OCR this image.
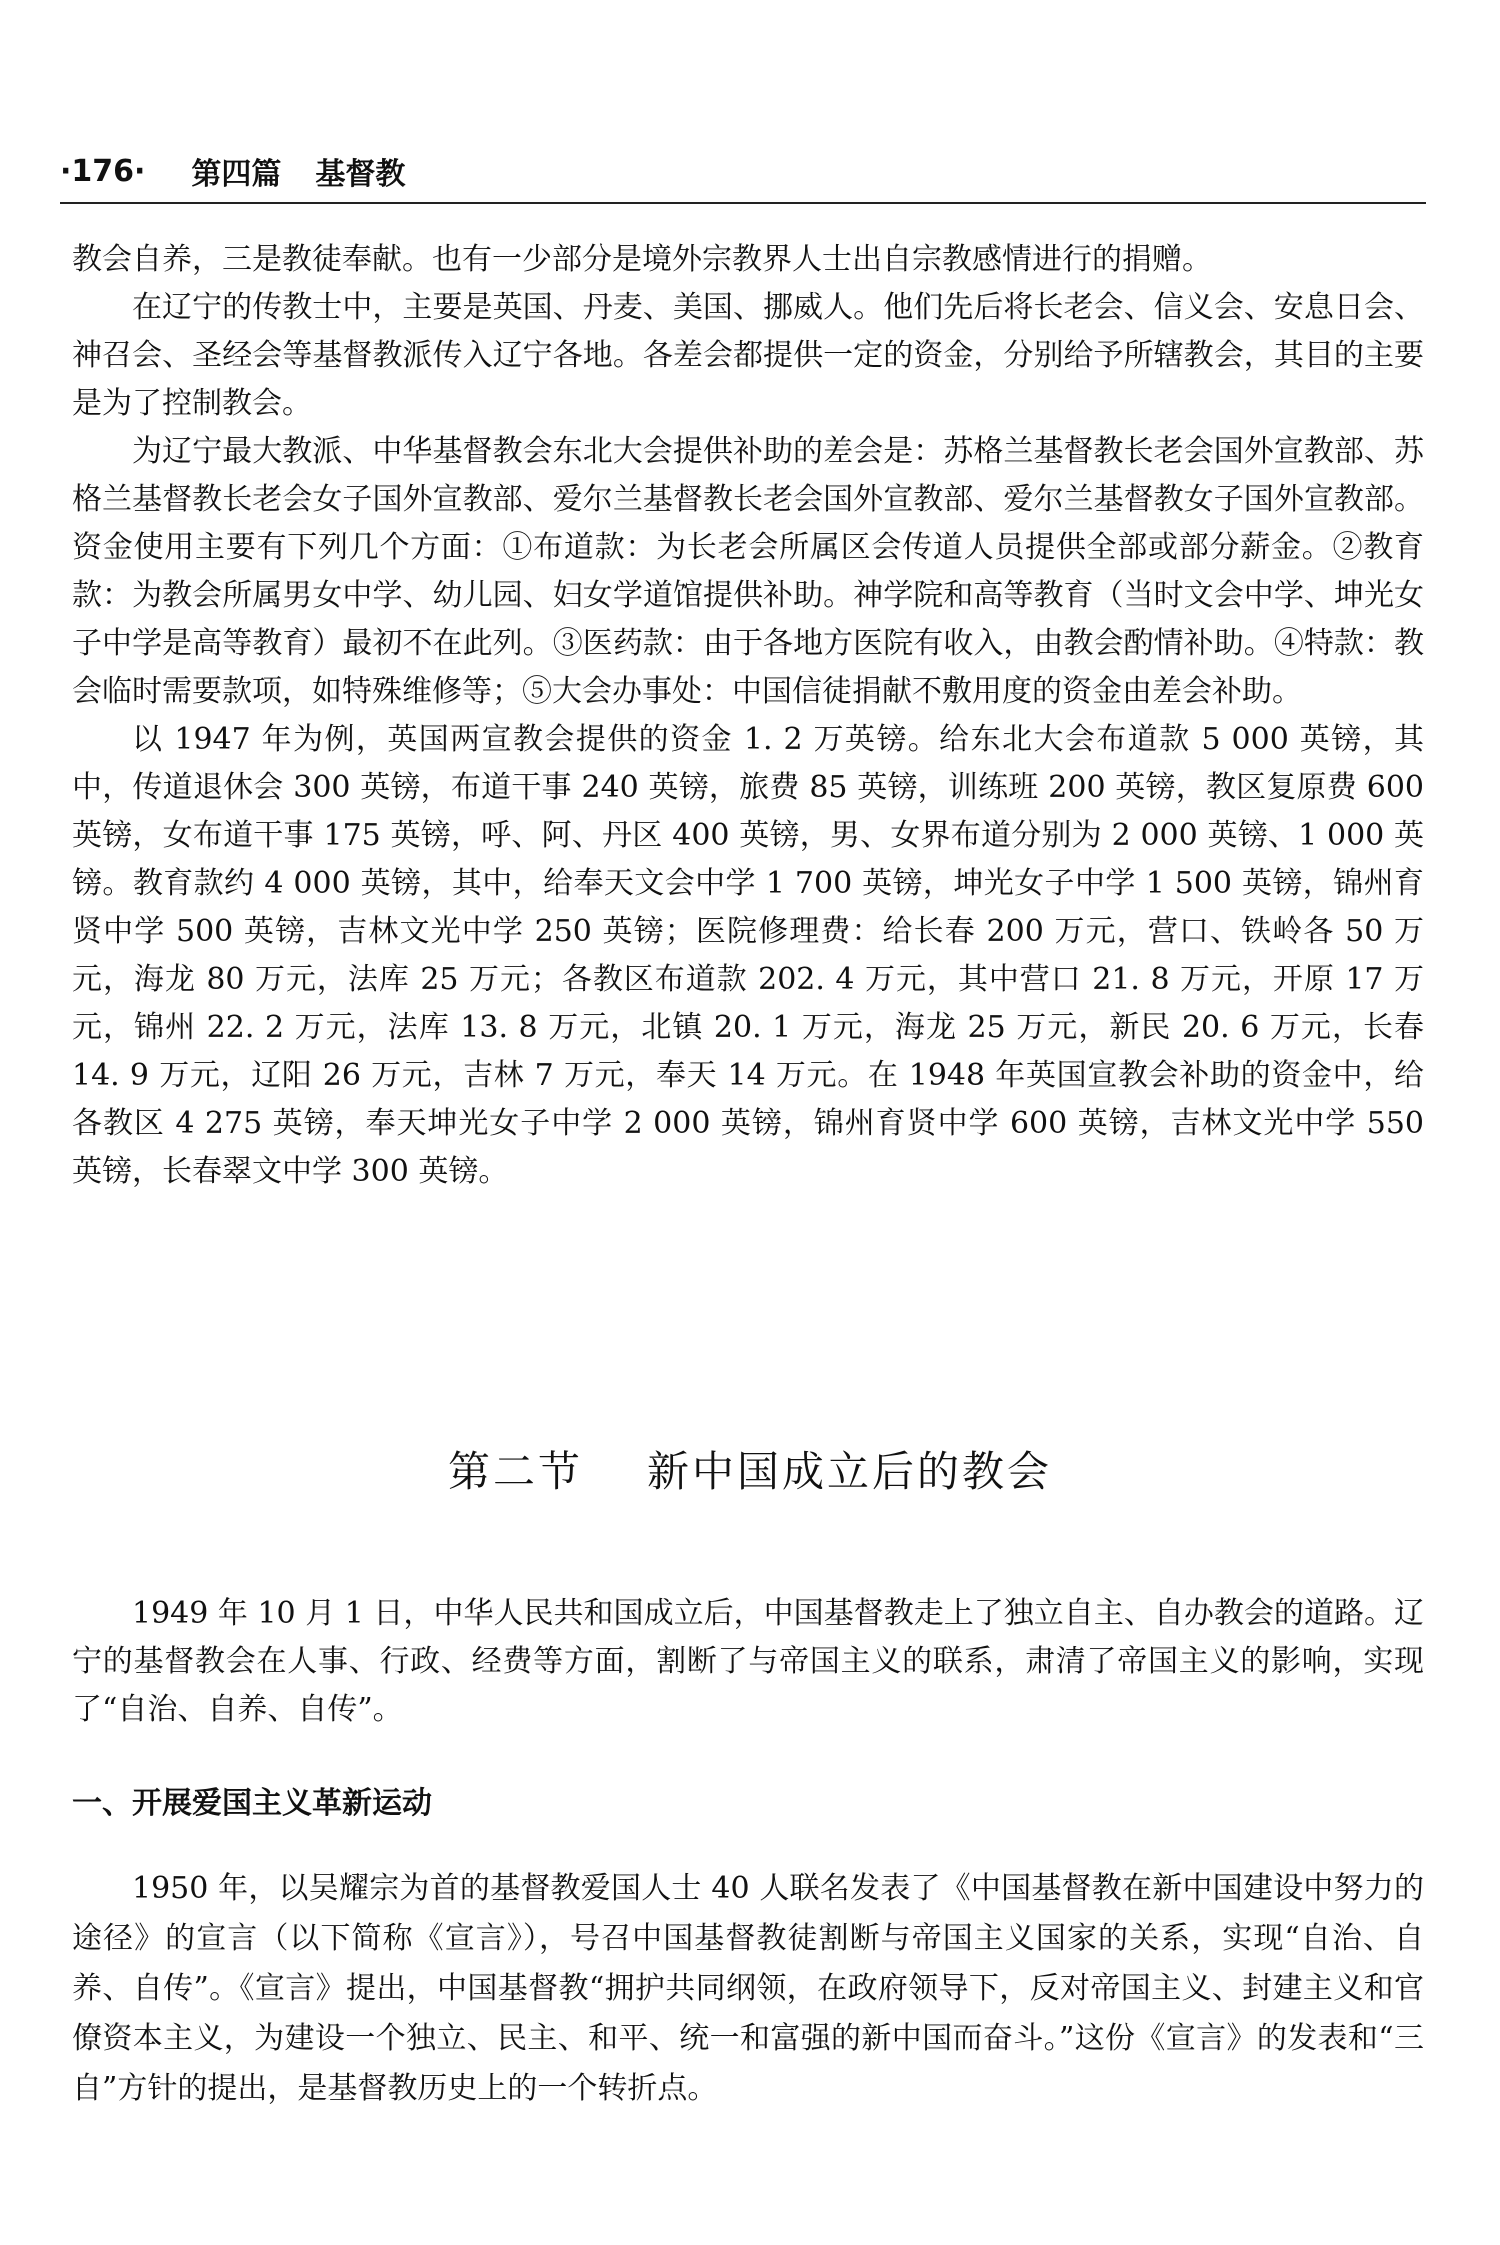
·176· 第四篇 基督教

教会自养，三是教徒奉献。也有一少部分是境外宗教界人士出自宗教感情进行的捐赠。

在辽宁的传教士中，主要是英国、丹麦、美国、挪威人。他们先后将长老会、信义会、安息日会、神召会、圣经会等基督教派传入辽宁各地。各差会都提供一定的资金，分别给予所辖教会，其目的主要是为了控制教会。

为辽宁最大教派、中华基督教会东北大会提供补助的差会是：苏格兰基督教长老会国外宣教部、苏格兰基督教长老会女子国外宣教部、爱尔兰基督教长老会国外宣教部、爱尔兰基督教女子国外宣教部。资金使用主要有下列几个方面：①布道款：为长老会所属区会传道人员提供全部或部分薪金。②教育款：为教会所属男女中学、幼儿园、妇女学道馆提供补助。神学院和高等教育（当时文会中学、坤光女子中学是高等教育）最初不在此列。③医药款：由于各地方医院有收入，由教会酌情补助。④特款：教会临时需要款项，如特殊维修等；⑤大会办事处：中国信徒捐献不敷用度的资金由差会补助。

以 1947 年为例，英国两宣教会提供的资金 1. 2 万英镑。给东北大会布道款 5 000 英镑，其中，传道退休会 300 英镑，布道干事 240 英镑，旅费 85 英镑，训练班 200 英镑，教区复原费 600 英镑，女布道干事 175 英镑，呼、阿、丹区 400 英镑，男、女界布道分别为 2 000 英镑、1 000 英镑。教育款约 4 000 英镑，其中，给奉天文会中学 1 700 英镑，坤光女子中学 1 500 英镑，锦州育贤中学 500 英镑，吉林文光中学 250 英镑；医院修理费：给长春 200 万元，营口、铁岭各 50 万元，海龙 80 万元，法库 25 万元；各教区布道款 202. 4 万元，其中营口 21. 8 万元，开原 17 万元，锦州 22. 2 万元，法库 13. 8 万元，北镇 20. 1 万元，海龙 25 万元，新民 20. 6 万元，长春 14. 9 万元，辽阳 26 万元，吉林 7 万元，奉天 14 万元。在 1948 年英国宣教会补助的资金中，给各教区 4 275 英镑，奉天坤光女子中学 2 000 英镑，锦州育贤中学 600 英镑，吉林文光中学 550 英镑，长春翠文中学 300 英镑。

第二节 新中国成立后的教会

1949 年 10 月 1 日，中华人民共和国成立后，中国基督教走上了独立自主、自办教会的道路。辽宁的基督教会在人事、行政、经费等方面，割断了与帝国主义的联系，肃清了帝国主义的影响，实现了“自治、自养、自传”。

一、开展爱国主义革新运动

1950 年，以吴耀宗为首的基督教爱国人士 40 人联名发表了《中国基督教在新中国建设中努力的途径》的宣言（以下简称《宣言》），号召中国基督教徒割断与帝国主义国家的关系，实现“自治、自养、自传”。《宣言》提出，中国基督教“拥护共同纲领，在政府领导下，反对帝国主义、封建主义和官僚资本主义，为建设一个独立、民主、和平、统一和富强的新中国而奋斗。”这份《宣言》的发表和“三自”方针的提出，是基督教历史上的一个转折点。
